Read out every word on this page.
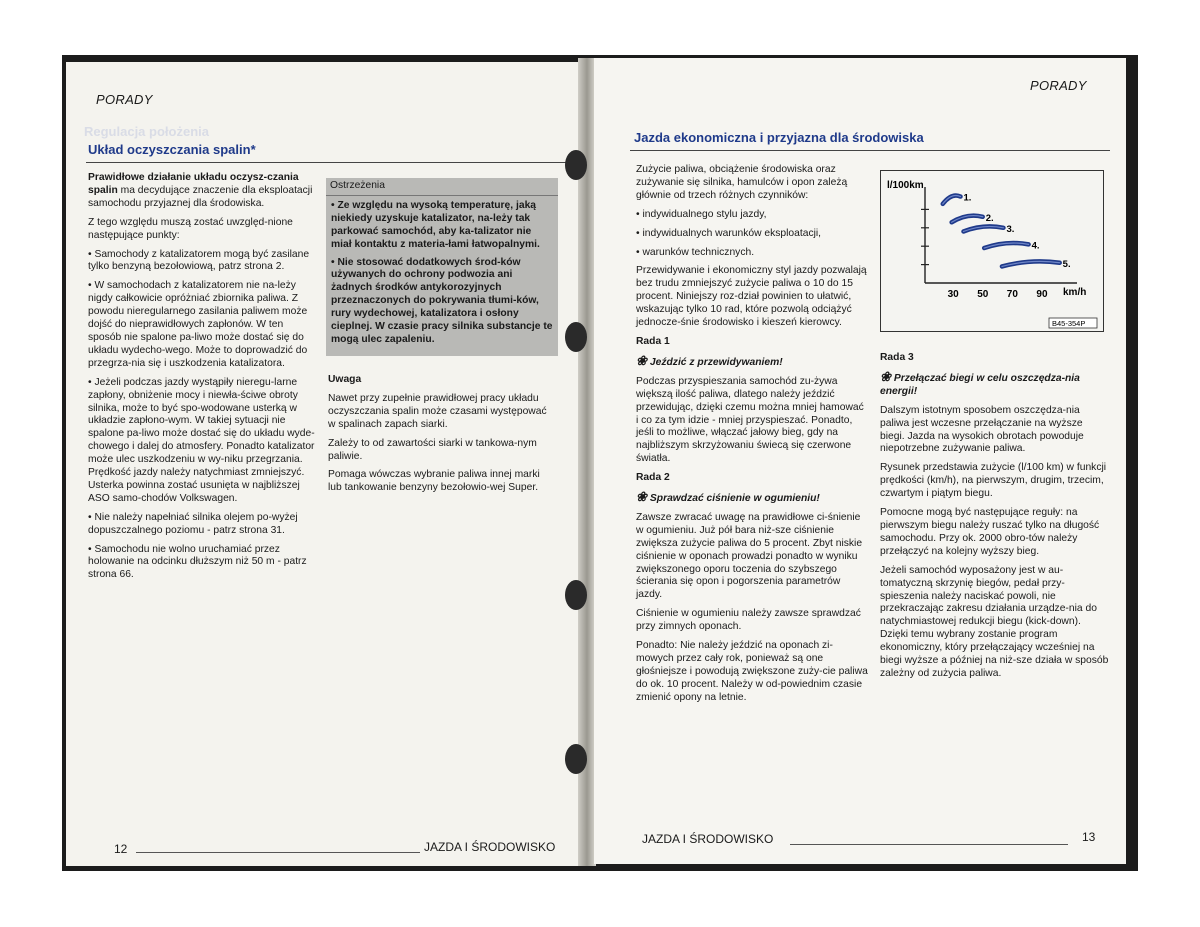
Regulacja położenia
PORADY
Układ oczyszczania spalin*

Prawidłowe działanie układu oczysz-czania spalin ma decydujące znaczenie dla eksploatacji samochodu przyjaznej dla środowiska.

Z tego względu muszą zostać uwzględ-nione następujące punkty:

• Samochody z katalizatorem mogą być zasilane tylko benzyną bezołowiową, patrz strona 2.

• W samochodach z katalizatorem nie na-leży nigdy całkowicie opróżniać zbiornika paliwa. Z powodu nieregularnego zasilania paliwem może dojść do nieprawidłowych zapłonów. W ten sposób nie spalone pa-liwo może dostać się do układu wydecho-wego. Może to doprowadzić do przegrza-nia się i uszkodzenia katalizatora.

• Jeżeli podczas jazdy wystąpiły nieregu-larne zapłony, obniżenie mocy i niewła-ściwe obroty silnika, może to być spo-wodowane usterką w układzie zapłono-wym. W takiej sytuacji nie spalone pa-liwo może dostać się do układu wyde-chowego i dalej do atmosfery. Ponadto katalizator może ulec uszkodzeniu w wy-niku przegrzania. Prędkość jazdy należy natychmiast zmniejszyć. Usterka powinna zostać usunięta w najbliższej ASO samo-chodów Volkswagen.

• Nie należy napełniać silnika olejem po-wyżej dopuszczalnego poziomu - patrz strona 31.

• Samochodu nie wolno uruchamiać przez holowanie na odcinku dłuższym niż 50 m - patrz strona 66.

Ostrzeżenia

• Ze względu na wysoką temperaturę, jaką niekiedy uzyskuje katalizator, na-leży tak parkować samochód, aby ka-talizator nie miał kontaktu z materia-łami łatwopalnymi.

• Nie stosować dodatkowych środ-ków używanych do ochrony podwozia ani żadnych środków antykorozyjnych przeznaczonych do pokrywania tłumi-ków, rury wydechowej, katalizatora i osłony cieplnej. W czasie pracy silnika substancje te mogą ulec zapaleniu.

Uwaga

Nawet przy zupełnie prawidłowej pracy układu oczyszczania spalin może czasami występować w spalinach zapach siarki.

Zależy to od zawartości siarki w tankowa-nym paliwie.

Pomaga wówczas wybranie paliwa innej marki lub tankowanie benzyny bezołowio-wej Super.

12	JAZDA I ŚRODOWISKO
PORADY
Jazda ekonomiczna i przyjazna dla środowiska

Zużycie paliwa, obciążenie środowiska oraz zużywanie się silnika, hamulców i opon zależą głównie od trzech różnych czynników:

• indywidualnego stylu jazdy,

• indywidualnych warunków eksploatacji,

• warunków technicznych.

Przewidywanie i ekonomiczny styl jazdy pozwalają bez trudu zmniejszyć zużycie paliwa o 10 do 15 procent. Niniejszy roz-dział powinien to ułatwić, wskazując tylko 10 rad, które pozwolą odciążyć jednocze-śnie środowisko i kieszeń kierowcy.

Rada 1

❀ Jeździć z przewidywaniem!

Podczas przyspieszania samochód zu-żywa większą ilość paliwa, dlatego należy jeździć przewidując, dzięki czemu można mniej hamować i co za tym idzie - mniej przyspieszać. Ponadto, jeśli to możliwe, włączać jałowy bieg, gdy na najbliższym skrzyżowaniu świecą się czerwone światła.

Rada 2

❀ Sprawdzać ciśnienie w ogumieniu!

Zawsze zwracać uwagę na prawidłowe ci-śnienie w ogumieniu. Już pół bara niż-sze ciśnienie zwiększa zużycie paliwa do 5 procent. Zbyt niskie ciśnienie w oponach prowadzi ponadto w wyniku zwiększonego oporu toczenia do szybszego ścierania się opon i pogorszenia parametrów jazdy.

Ciśnienie w ogumieniu należy zawsze sprawdzać przy zimnych oponach.

Ponadto: Nie należy jeździć na oponach zi-mowych przez cały rok, ponieważ są one głośniejsze i powodują zwiększone zuży-cie paliwa do ok. 10 procent. Należy w od-powiednim czasie zmienić opony na letnie.

l/100km
km/h
B45-354P
30 50 70 90
1.
2.
3.
4.
5.

Rada 3

❀ Przełączać biegi w celu oszczędza-nia energii!

Dalszym istotnym sposobem oszczędza-nia paliwa jest wczesne przełączanie na wyższe biegi. Jazda na wysokich obrotach powoduje niepotrzebne zużywanie paliwa.

Rysunek przedstawia zużycie (l/100 km) w funkcji prędkości (km/h), na pierwszym, drugim, trzecim, czwartym i piątym biegu.

Pomocne mogą być następujące reguły: na pierwszym biegu należy ruszać tylko na długość samochodu. Przy ok. 2000 obro-tów należy przełączyć na kolejny wyższy bieg.

Jeżeli samochód wyposażony jest w au-tomatyczną skrzynię biegów, pedał przy-spieszenia należy naciskać powoli, nie przekraczając zakresu działania urządze-nia do natychmiastowej redukcji biegu (kick-down). Dzięki temu wybrany zostanie program ekonomiczny, który przełączający wcześniej na biegi wyższe a później na niż-sze działa w sposób zależny od zużycia paliwa.

JAZDA I ŚRODOWISKO	13
